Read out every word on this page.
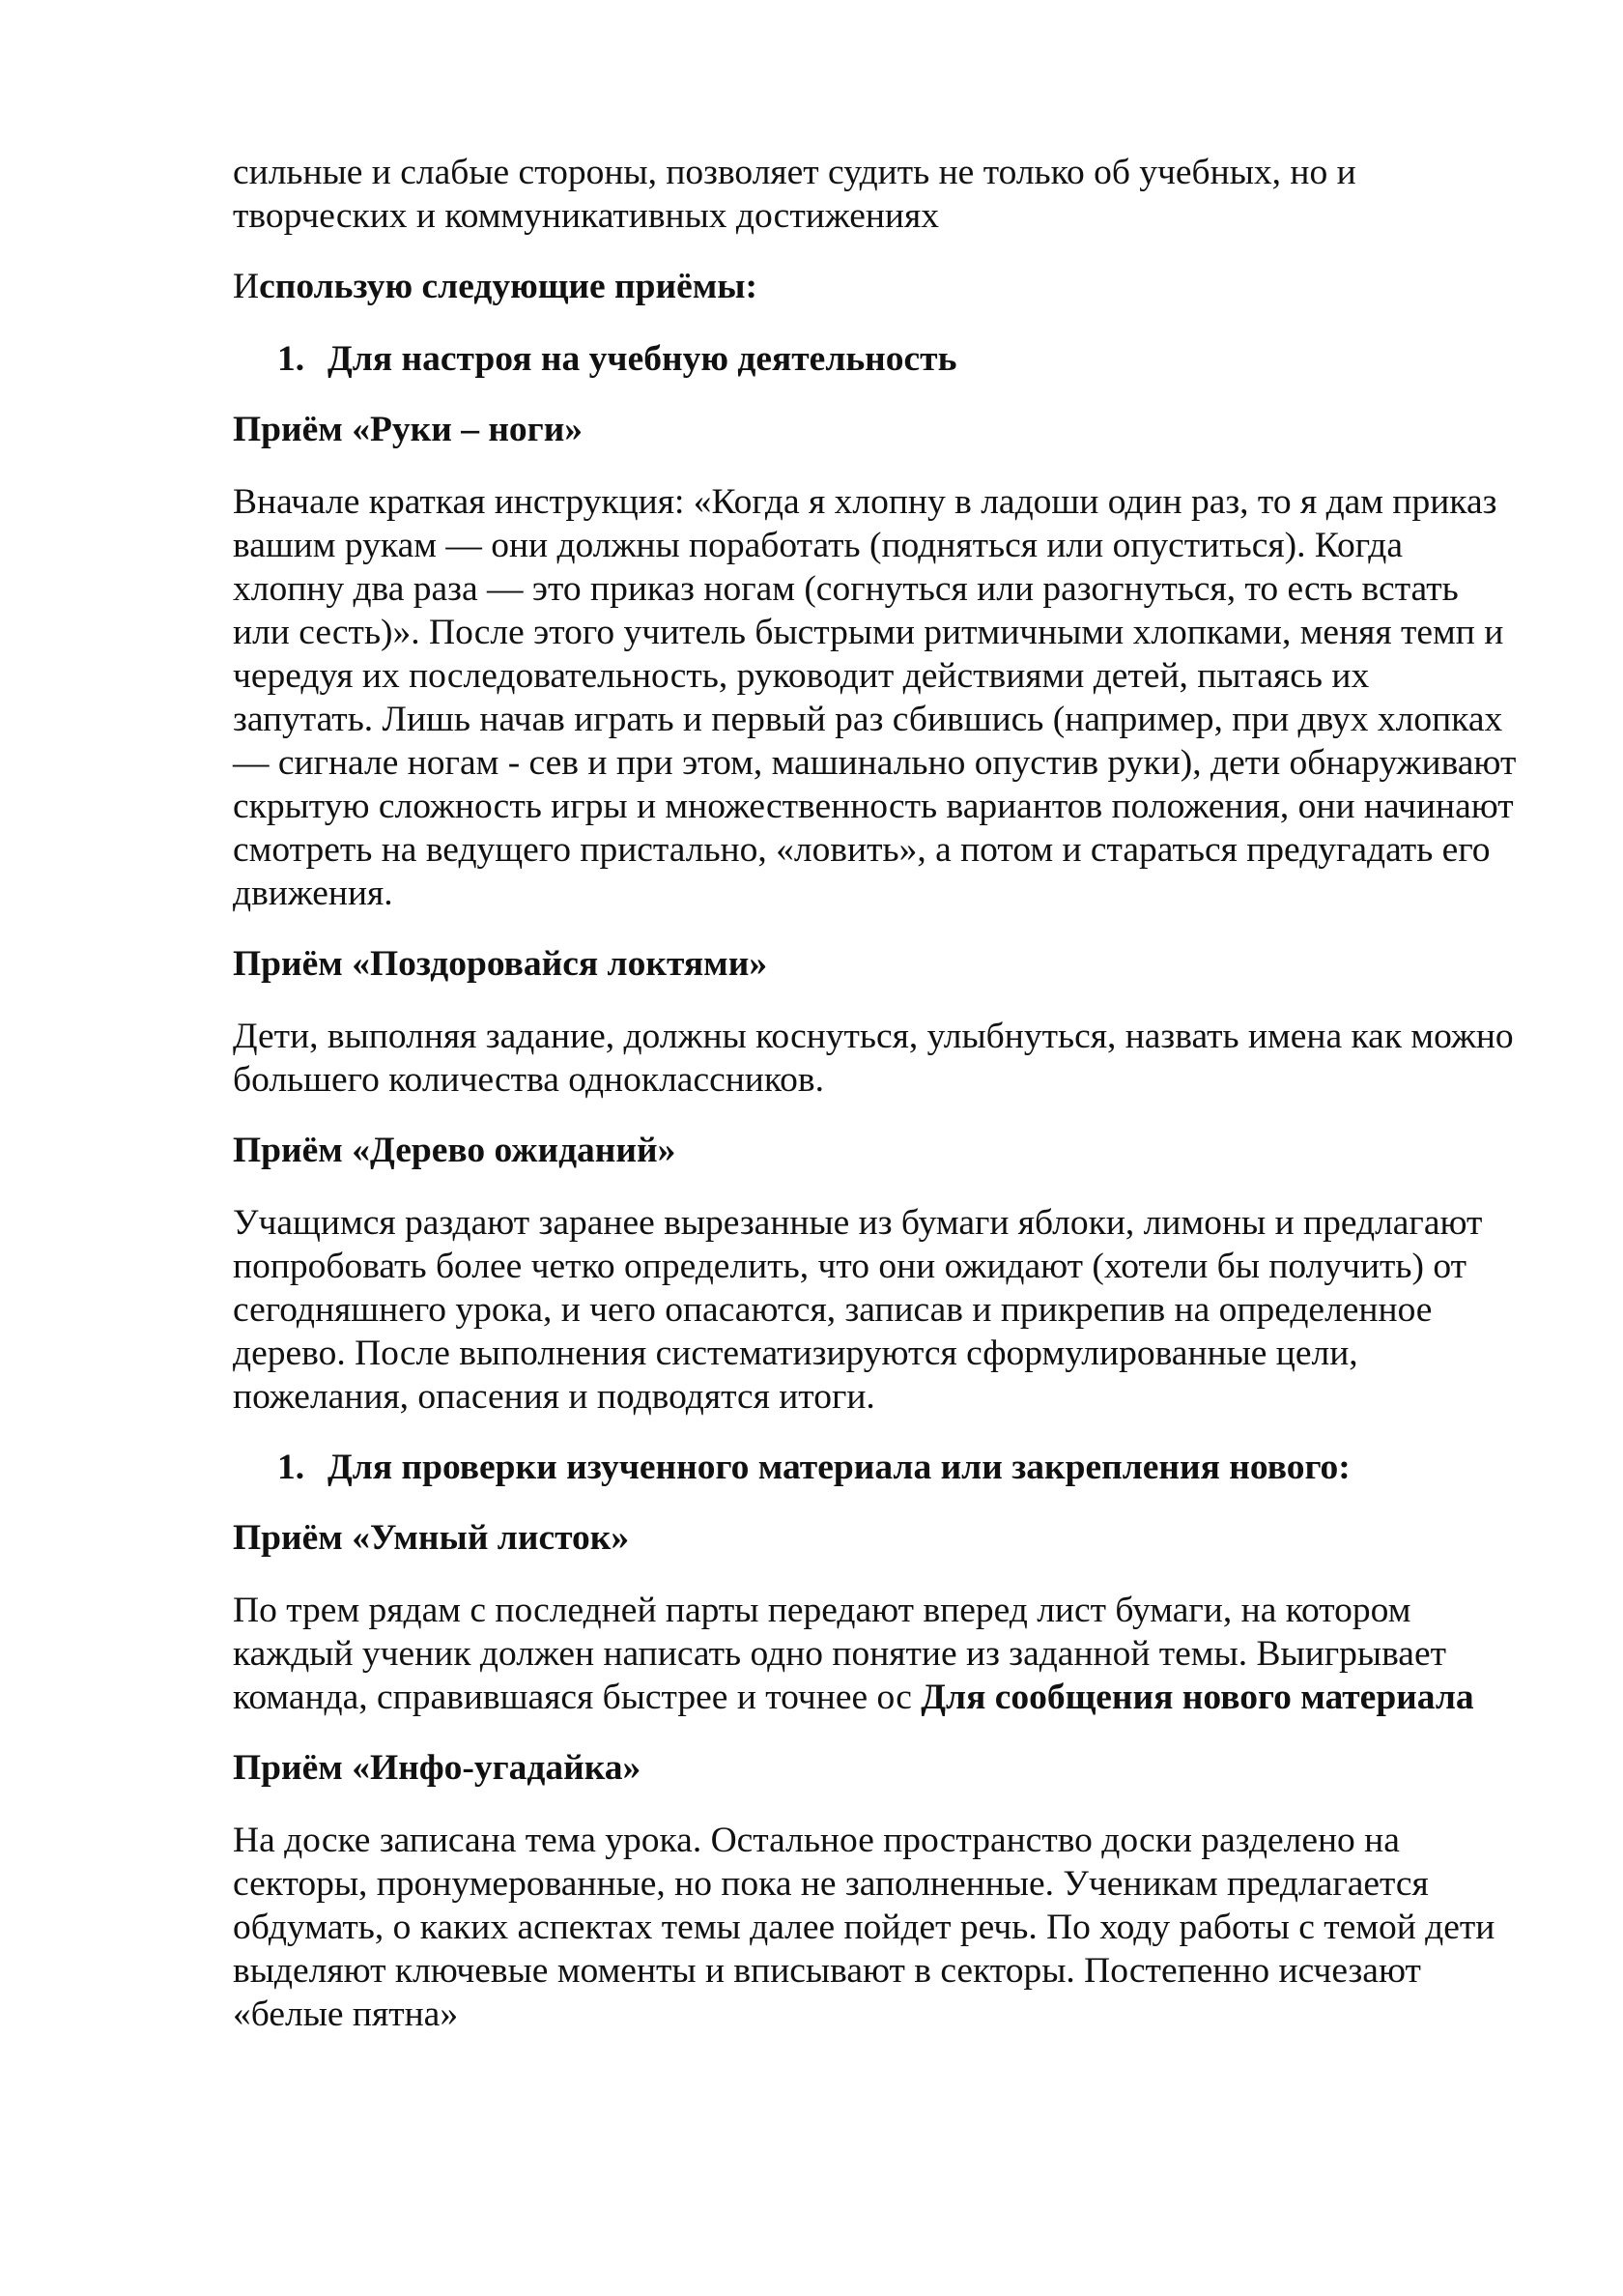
сильные и слабые стороны, позволяет судить не только об учебных, но и творческих и коммуникативных достижениях

Использую следующие приёмы:

1. Для настроя на учебную деятельность

Приём «Руки – ноги»

Вначале краткая инструкция: «Когда я хлопну в ладоши один раз, то я дам приказ вашим рукам — они должны поработать (подняться или опуститься). Когда хлопну два раза — это приказ ногам (согнуться или разогнуться, то есть встать или сесть)». После этого учитель быстрыми ритмичными хлопками, меняя темп и чередуя их последовательность, руководит действиями детей, пытаясь их запутать. Лишь начав играть и первый раз сбившись (например, при двух хлопках — сигнале ногам - сев и при этом, машинально опустив руки), дети обнаруживают скрытую сложность игры и множественность вариантов положения, они начинают смотреть на ведущего пристально, «ловить», а потом и стараться предугадать его движения.

Приём «Поздоровайся локтями»

Дети, выполняя задание, должны коснуться, улыбнуться, назвать имена как можно большего количества одноклассников.

Приём «Дерево ожиданий»

Учащимся раздают заранее вырезанные из бумаги яблоки, лимоны и предлагают попробовать более четко определить, что они ожидают (хотели бы получить) от сегодняшнего урока, и чего опасаются, записав и прикрепив на определенное дерево. После выполнения систематизируются сформулированные цели, пожелания, опасения и подводятся итоги.

1. Для проверки изученного материала или закрепления нового:

Приём «Умный листок»

По трем рядам с последней парты передают вперед лист бумаги, на котором каждый ученик должен написать одно понятие из заданной темы. Выигрывает команда, справившаяся быстрее и точнее ос Для сообщения нового материала

Приём «Инфо-угадайка»

На доске записана тема урока. Остальное пространство доски разделено на секторы, пронумерованные, но пока не заполненные. Ученикам предлагается обдумать, о каких аспектах темы далее пойдет речь. По ходу работы с темой дети выделяют ключевые моменты и вписывают в секторы. Постепенно исчезают «белые пятна»
